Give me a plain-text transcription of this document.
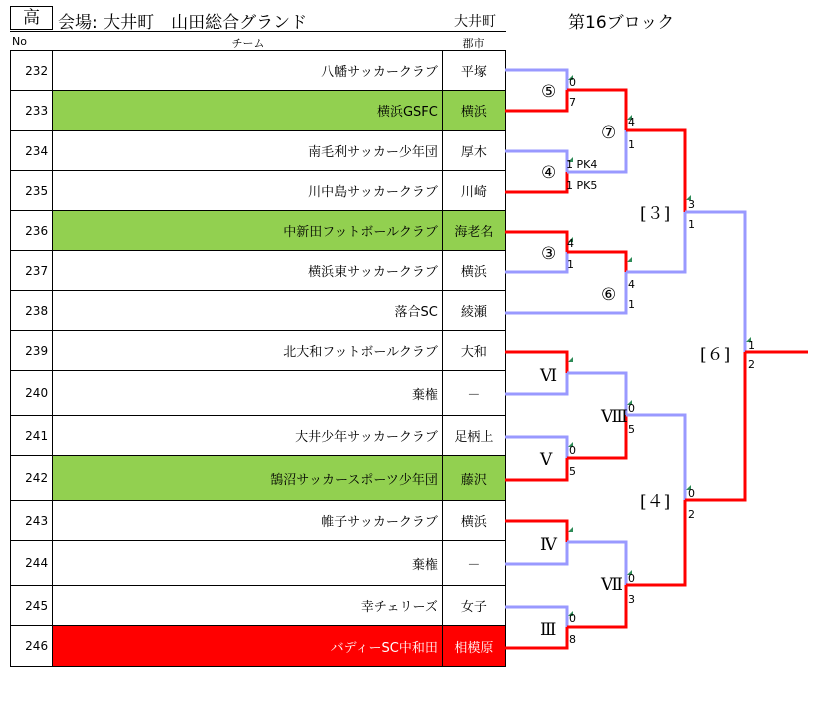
高	会場: 大井町　山田総合グランド	大井町	第16ブロック
No	チーム	郡市
232	八幡サッカークラブ	平塚
233	横浜GSFC	横浜
234	南毛利サッカー少年団	厚木
235	川中島サッカークラブ	川崎
236	中新田フットボールクラブ	海老名
237	横浜東サッカークラブ	横浜
238	落合SC	綾瀬
239	北大和フットボールクラブ	大和
240	棄権	－
241	大井少年サッカークラブ	足柄上
242	鵠沼サッカースポーツ少年団	藤沢
243	帷子サッカークラブ	横浜
244	棄権	－
245	幸チェリーズ	女子
246	バディーSC中和田	相模原
⑤
④
③
⑦
⑥
[３]
Ⅵ
Ⅴ
Ⅷ
Ⅳ
Ⅲ
Ⅶ
[４]
[６]
0
7
1 PK4
1 PK5
4
1
4
1
4
1
3
1
0
5
0
5
0
8
0
3
0
2
1
2
